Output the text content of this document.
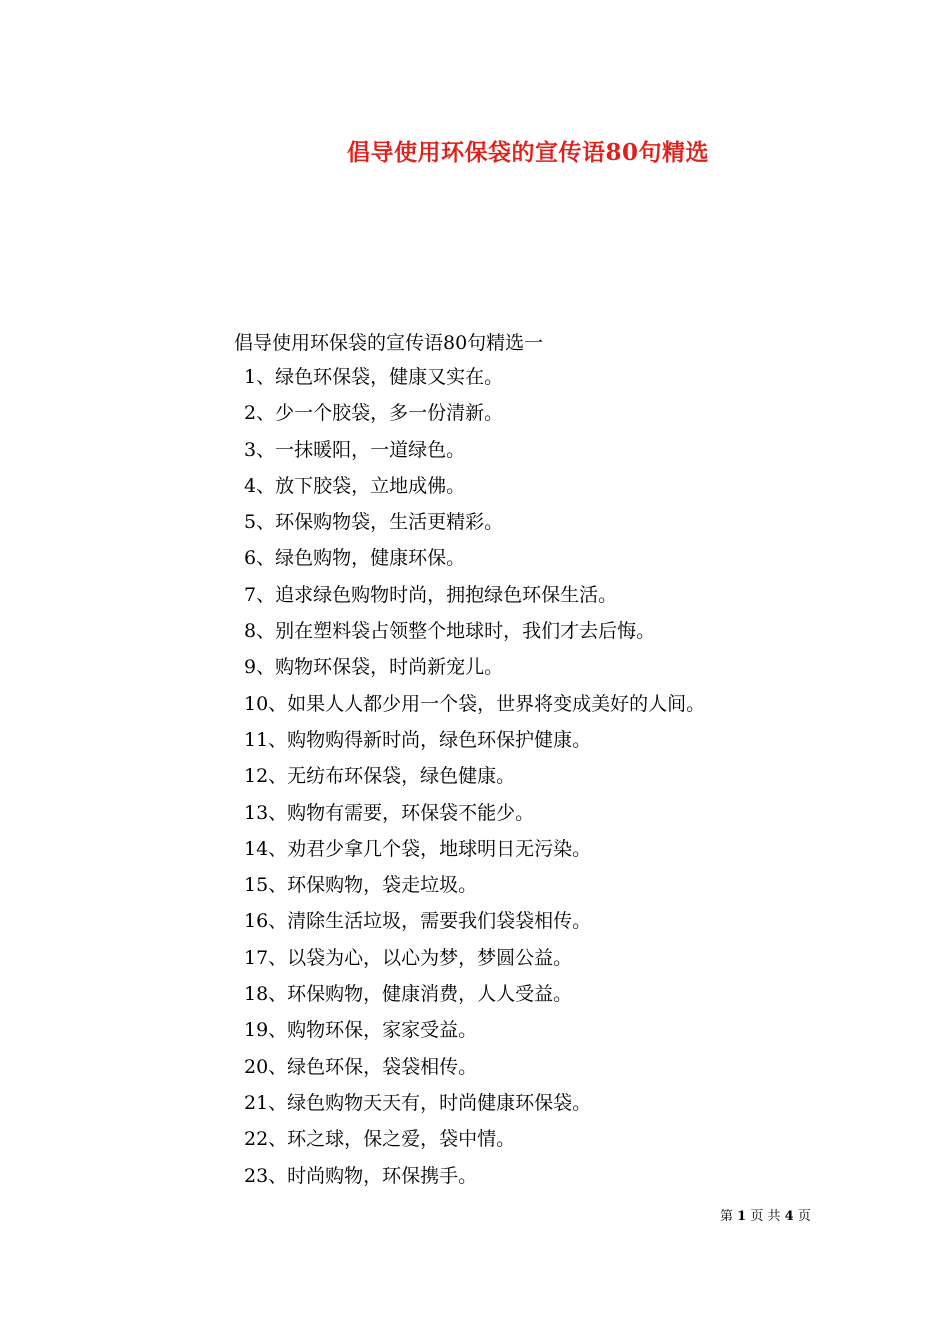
倡导使用环保袋的宣传语80句精选
倡导使用环保袋的宣传语80句精选一
1、绿色环保袋，健康又实在。
2、少一个胶袋，多一份清新。
3、一抹暖阳，一道绿色。
4、放下胶袋，立地成佛。
5、环保购物袋，生活更精彩。
6、绿色购物，健康环保。
7、追求绿色购物时尚，拥抱绿色环保生活。
8、别在塑料袋占领整个地球时，我们才去后悔。
9、购物环保袋，时尚新宠儿。
10、如果人人都少用一个袋，世界将变成美好的人间。
11、购物购得新时尚，绿色环保护健康。
12、无纺布环保袋，绿色健康。
13、购物有需要，环保袋不能少。
14、劝君少拿几个袋，地球明日无污染。
15、环保购物，袋走垃圾。
16、清除生活垃圾，需要我们袋袋相传。
17、以袋为心，以心为梦，梦圆公益。
18、环保购物，健康消费，人人受益。
19、购物环保，家家受益。
20、绿色环保，袋袋相传。
21、绿色购物天天有，时尚健康环保袋。
22、环之球，保之爱，袋中情。
23、时尚购物，环保携手。
第 1 页 共 4 页
